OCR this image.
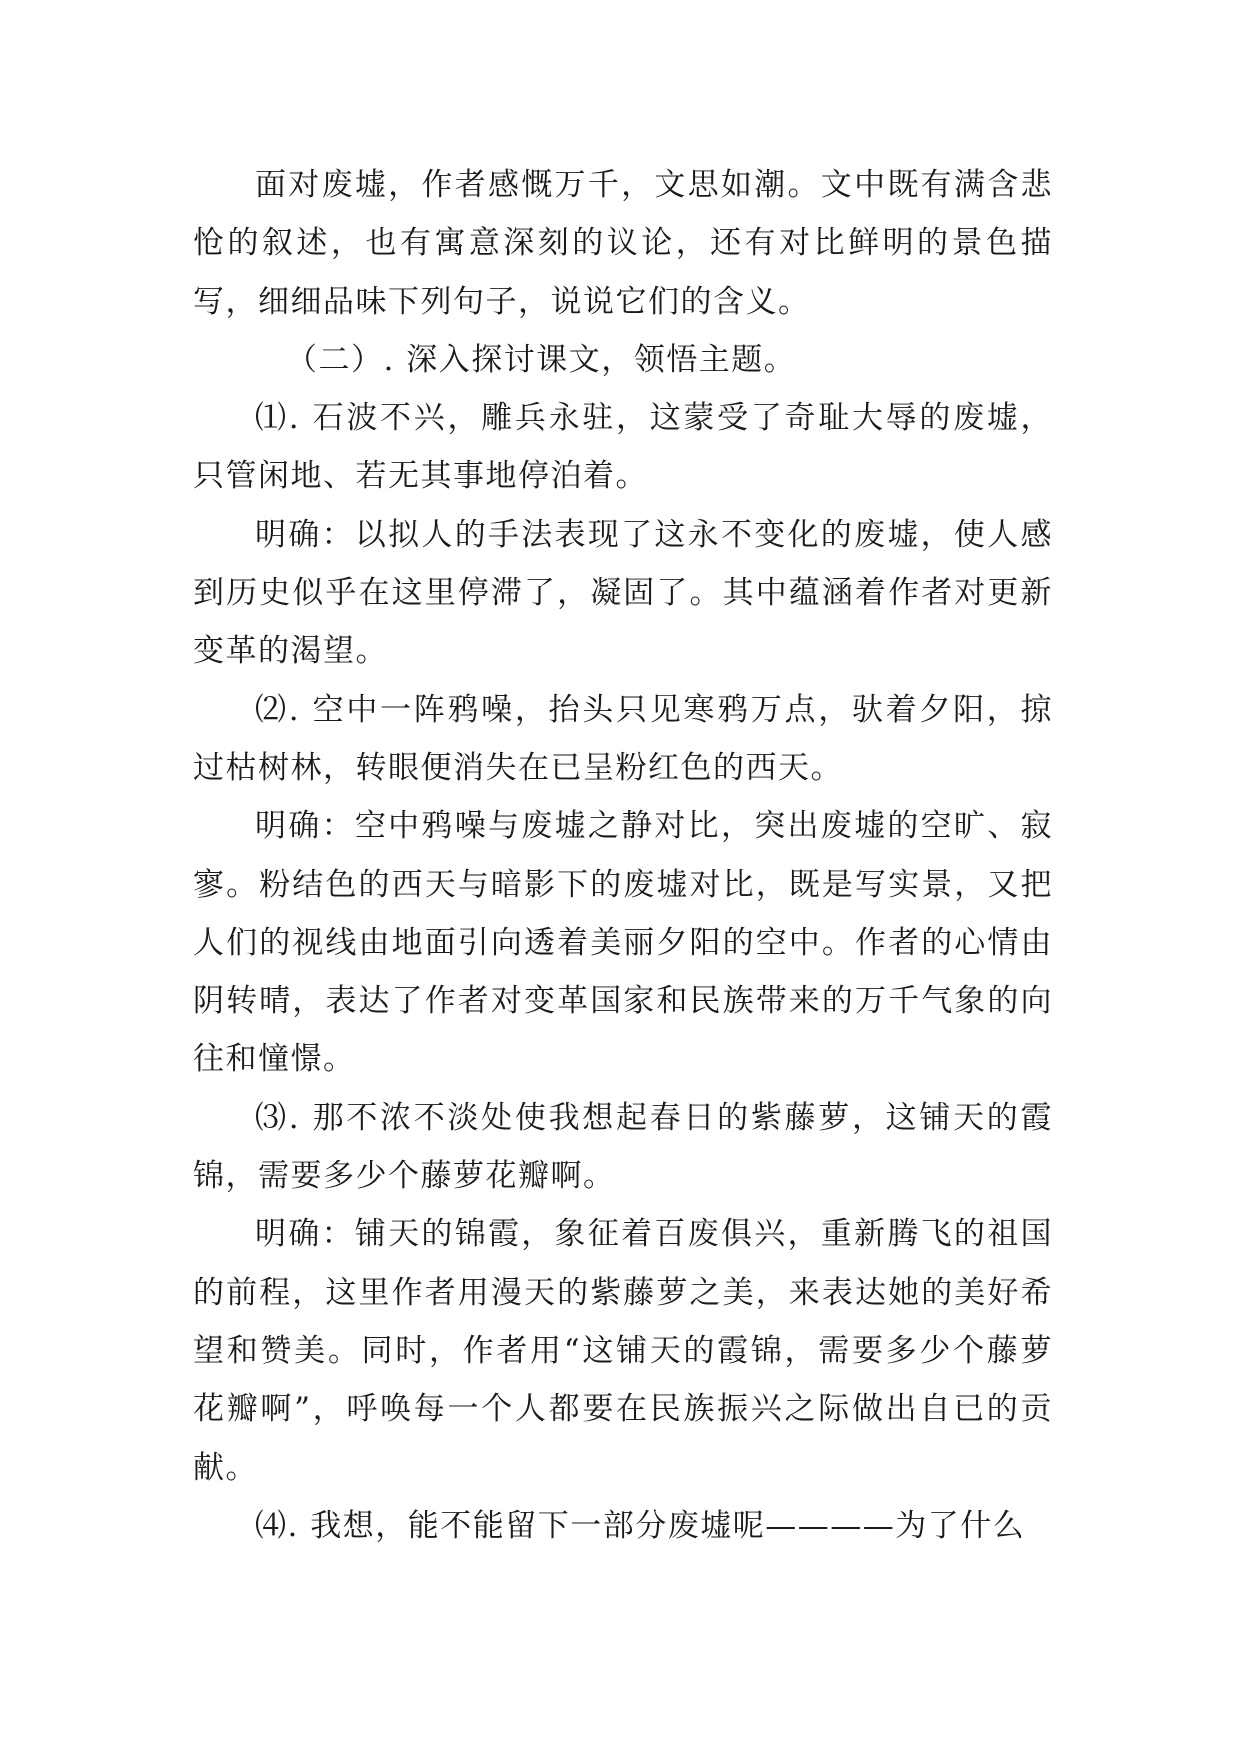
面对废墟，作者感慨万千，文思如潮。文中既有满含悲怆的叙述，也有寓意深刻的议论，还有对比鲜明的景色描写，细细品味下列句子，说说它们的含义。

（二）. 深入探讨课文，领悟主题。

⑴. 石波不兴，雕兵永驻，这蒙受了奇耻大辱的废墟，只管闲地、若无其事地停泊着。

明确：以拟人的手法表现了这永不变化的废墟，使人感到历史似乎在这里停滞了，凝固了。其中蕴涵着作者对更新变革的渴望。

⑵. 空中一阵鸦噪，抬头只见寒鸦万点，驮着夕阳，掠过枯树林，转眼便消失在已呈粉红色的西天。

明确：空中鸦噪与废墟之静对比，突出废墟的空旷、寂寥。粉结色的西天与暗影下的废墟对比，既是写实景，又把人们的视线由地面引向透着美丽夕阳的空中。作者的心情由阴转晴，表达了作者对变革国家和民族带来的万千气象的向往和憧憬。

⑶. 那不浓不淡处使我想起春日的紫藤萝，这铺天的霞锦，需要多少个藤萝花瓣啊。

明确：铺天的锦霞，象征着百废俱兴，重新腾飞的祖国的前程，这里作者用漫天的紫藤萝之美，来表达她的美好希望和赞美。同时，作者用“这铺天的霞锦，需要多少个藤萝花瓣啊”，呼唤每一个人都要在民族振兴之际做出自已的贡献。

⑷. 我想，能不能留下一部分废墟呢————为了什么
